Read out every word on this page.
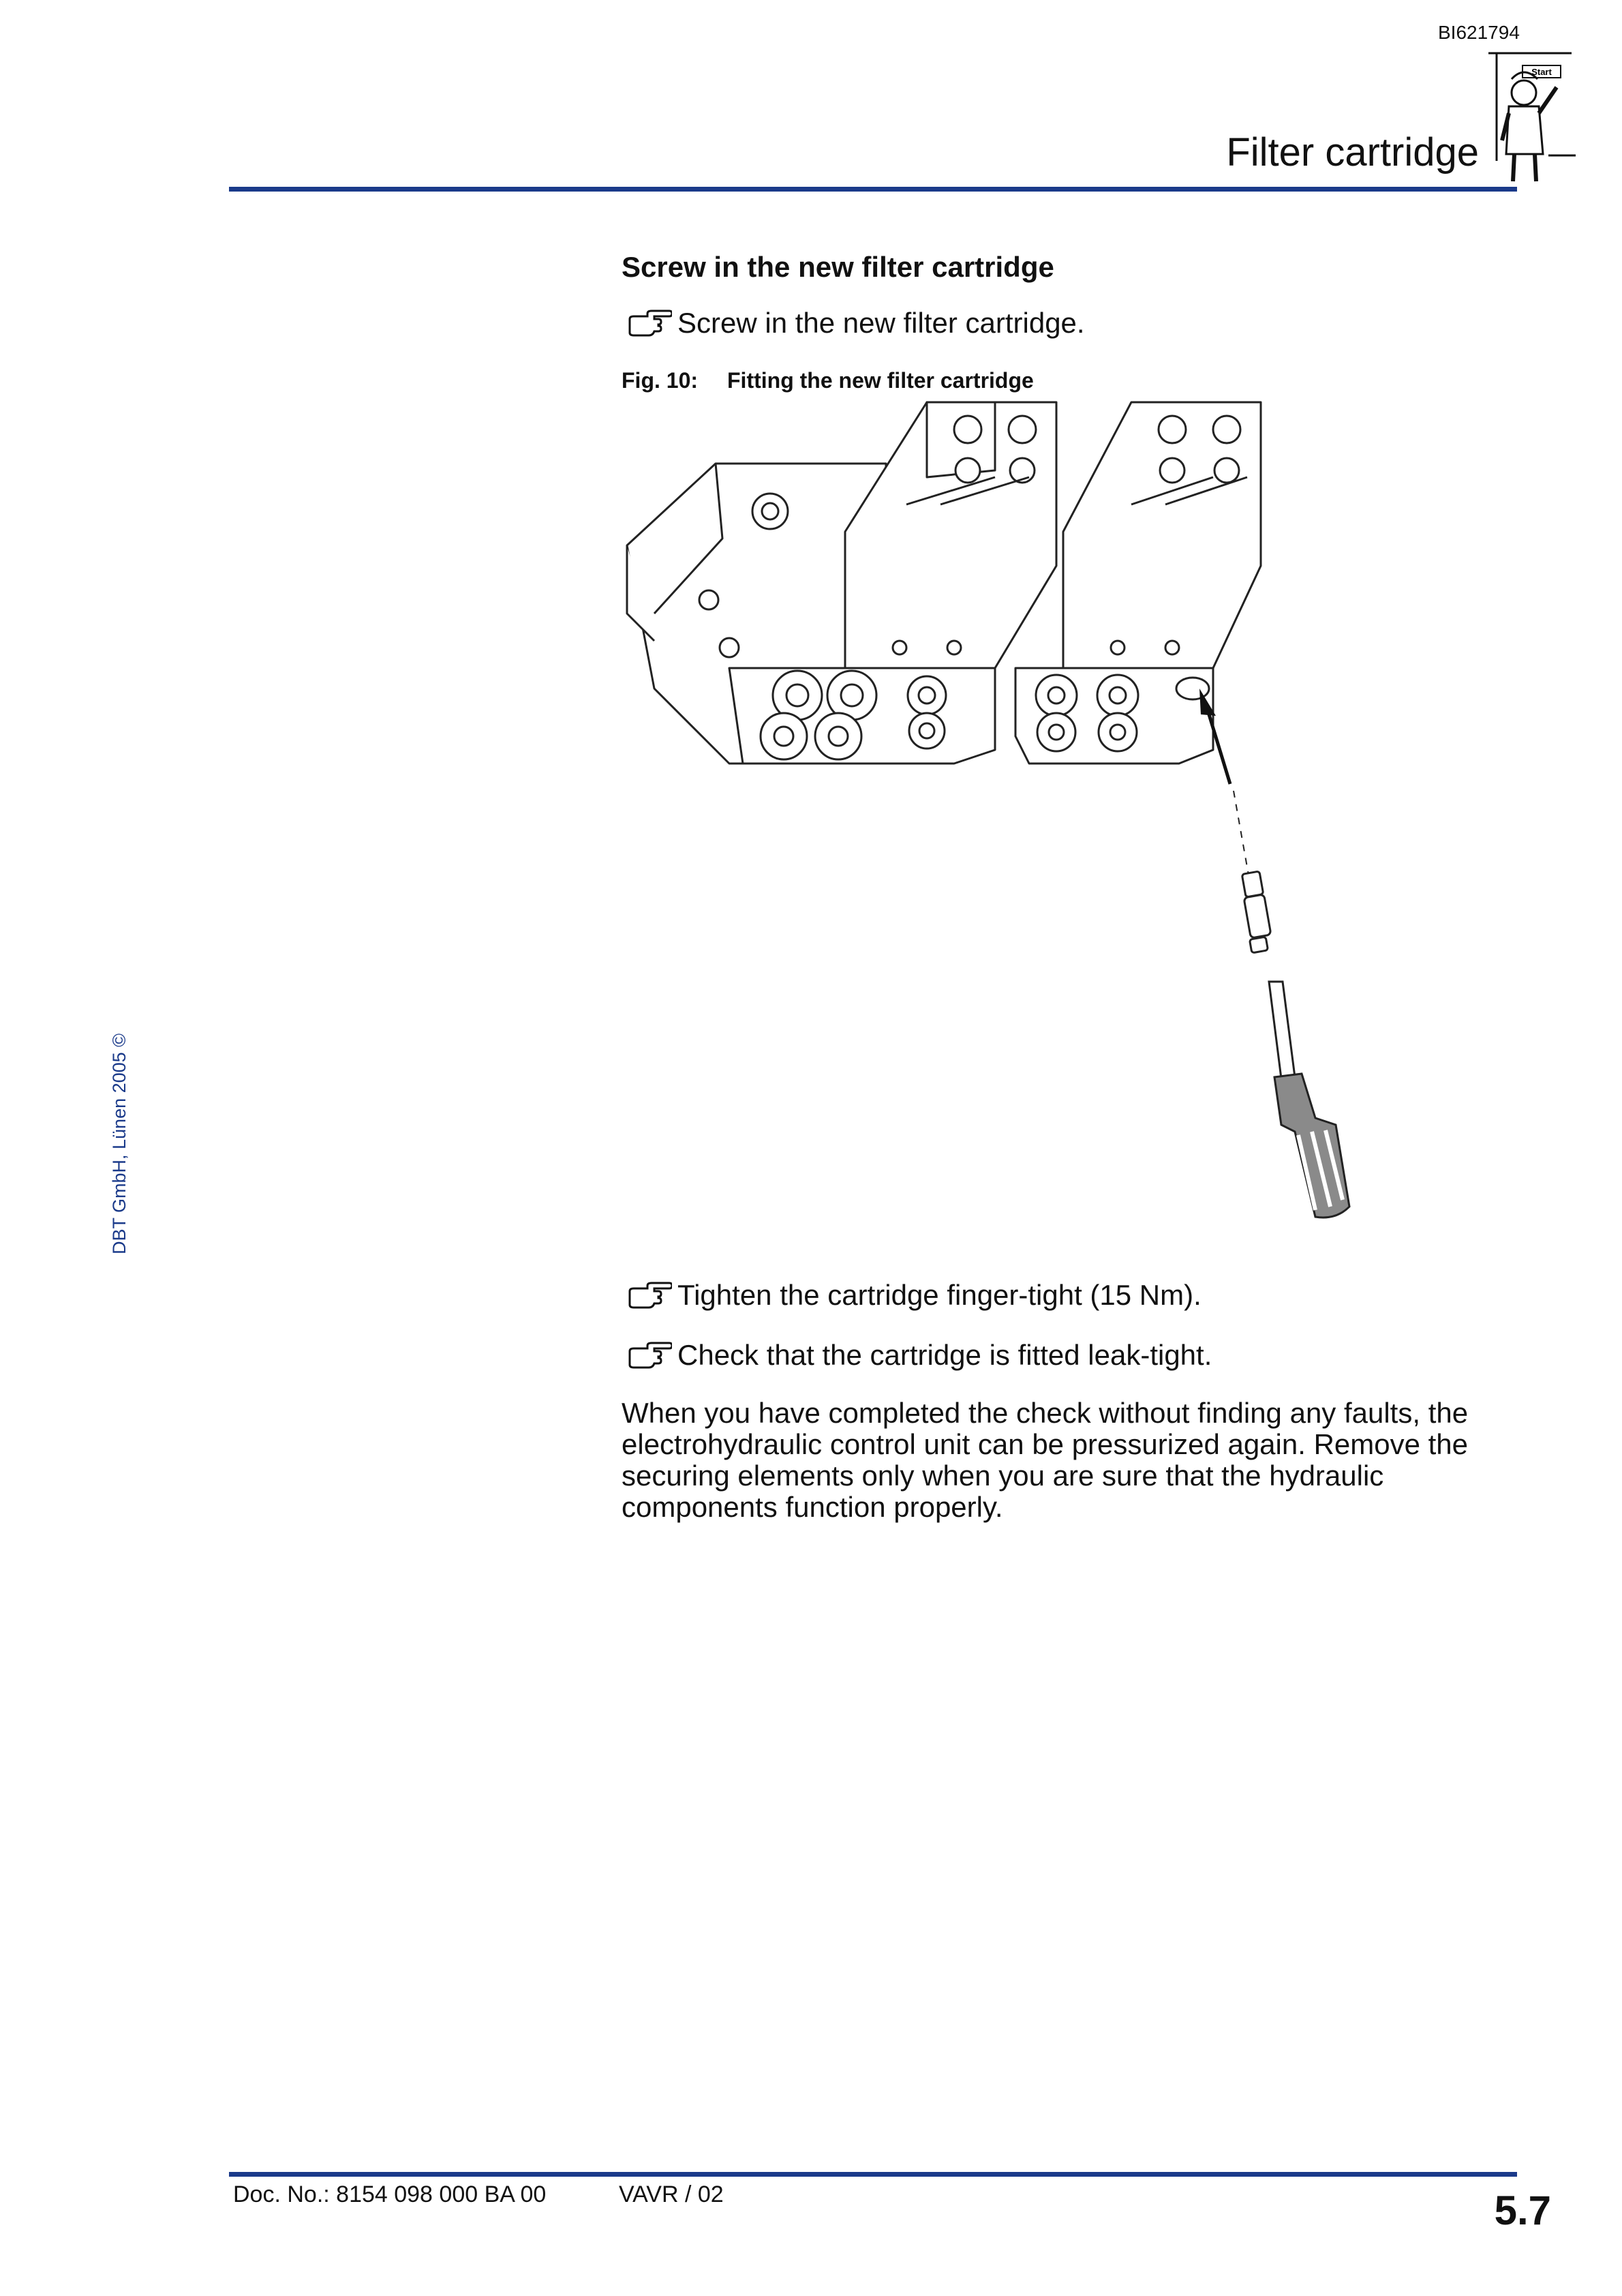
BI621794
Filter cartridge
Start
Screw in the new filter cartridge
Screw in the new filter cartridge.
Fig. 10: Fitting the new filter cartridge
Tighten the cartridge finger-tight (15 Nm).
Check that the cartridge is fitted leak-tight.
When you have completed the check without finding any faults, the electrohydraulic control unit can be pressurized again. Remove the securing elements only when you are sure that the hydraulic components function properly.
DBT GmbH, Lünen 2005 ©
Doc. No.: 8154 098 000 BA 00	VAVR / 02	5.7
